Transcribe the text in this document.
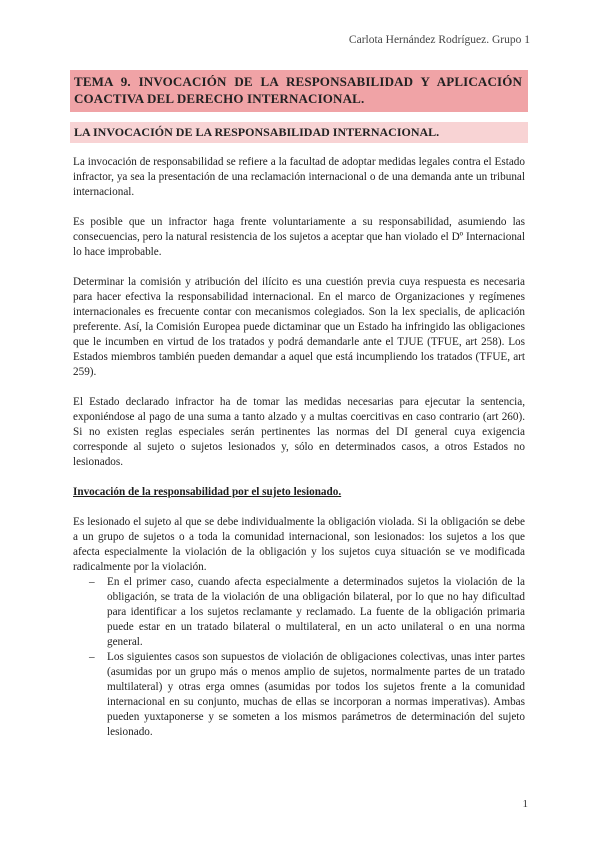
Carlota Hernández Rodríguez. Grupo 1
TEMA 9. INVOCACIÓN DE LA RESPONSABILIDAD Y APLICACIÓN COACTIVA DEL DERECHO INTERNACIONAL.
LA INVOCACIÓN DE LA RESPONSABILIDAD INTERNACIONAL.

La invocación de responsabilidad se refiere a la facultad de adoptar medidas legales contra el Estado infractor, ya sea la presentación de una reclamación internacional o de una demanda ante un tribunal internacional.

Es posible que un infractor haga frente voluntariamente a su responsabilidad, asumiendo las consecuencias, pero la natural resistencia de los sujetos a aceptar que han violado el Dº Internacional lo hace improbable.

Determinar la comisión y atribución del ilícito es una cuestión previa cuya respuesta es necesaria para hacer efectiva la responsabilidad internacional. En el marco de Organizaciones y regímenes internacionales es frecuente contar con mecanismos colegiados. Son la lex specialis, de aplicación preferente. Así, la Comisión Europea puede dictaminar que un Estado ha infringido las obligaciones que le incumben en virtud de los tratados y podrá demandarle ante el TJUE (TFUE, art 258). Los Estados miembros también pueden demandar a aquel que está incumpliendo los tratados (TFUE, art 259).

El Estado declarado infractor ha de tomar las medidas necesarias para ejecutar la sentencia, exponiéndose al pago de una suma a tanto alzado y a multas coercitivas en caso contrario (art 260). Si no existen reglas especiales serán pertinentes las normas del DI general cuya exigencia corresponde al sujeto o sujetos lesionados y, sólo en determinados casos, a otros Estados no lesionados.

Invocación de la responsabilidad por el sujeto lesionado.

Es lesionado el sujeto al que se debe individualmente la obligación violada. Si la obligación se debe a un grupo de sujetos o a toda la comunidad internacional, son lesionados: los sujetos a los que afecta especialmente la violación de la obligación y los sujetos cuya situación se ve modificada radicalmente por la violación.

– En el primer caso, cuando afecta especialmente a determinados sujetos la violación de la obligación, se trata de la violación de una obligación bilateral, por lo que no hay dificultad para identificar a los sujetos reclamante y reclamado. La fuente de la obligación primaria puede estar en un tratado bilateral o multilateral, en un acto unilateral o en una norma general.
– Los siguientes casos son supuestos de violación de obligaciones colectivas, unas inter partes (asumidas por un grupo más o menos amplio de sujetos, normalmente partes de un tratado multilateral) y otras erga omnes (asumidas por todos los sujetos frente a la comunidad internacional en su conjunto, muchas de ellas se incorporan a normas imperativas). Ambas pueden yuxtaponerse y se someten a los mismos parámetros de determinación del sujeto lesionado.
1
